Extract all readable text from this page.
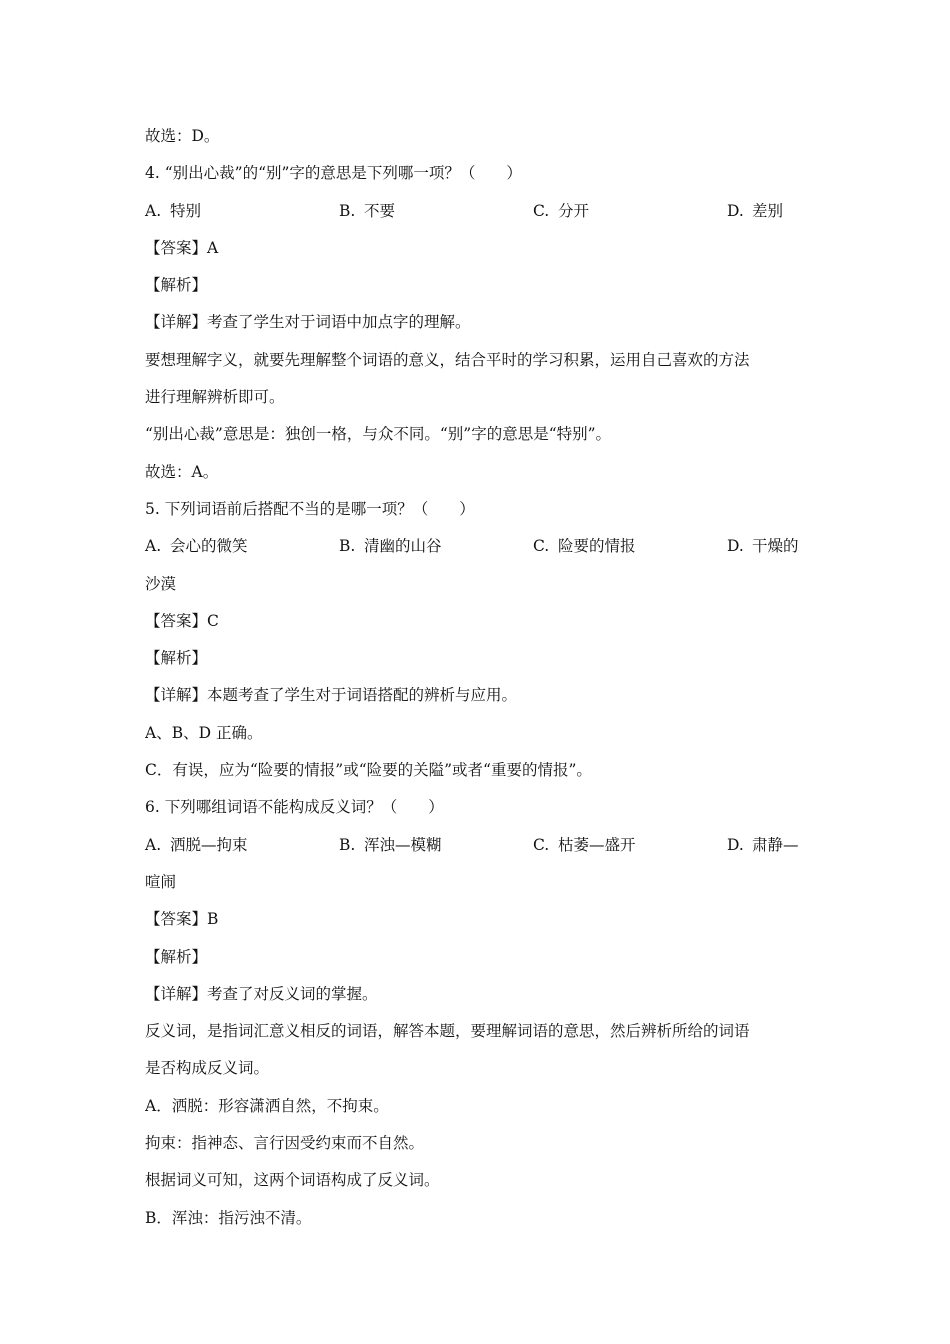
故选：D。
4. “别出心裁”的“别”字的意思是下列哪一项？（　　）
A. 特别	B. 不要	C. 分开	D. 差别
【答案】A
【解析】
【详解】考查了学生对于词语中加点字的理解。
要想理解字义，就要先理解整个词语的意义，结合平时的学习积累，运用自己喜欢的方法
进行理解辨析即可。
“别出心裁”意思是：独创一格，与众不同。“别”字的意思是“特别”。
故选：A。
5. 下列词语前后搭配不当的是哪一项？（　　）
A. 会心的微笑	B. 清幽的山谷	C. 险要的情报	D. 干燥的
沙漠
【答案】C
【解析】
【详解】本题考查了学生对于词语搭配的辨析与应用。
A、B、D 正确。
C．有误，应为“险要的情报”或“险要的关隘”或者“重要的情报”。
6. 下列哪组词语不能构成反义词？（　　）
A. 洒脱—拘束	B. 浑浊—模糊	C. 枯萎—盛开	D. 肃静—
喧闹
【答案】B
【解析】
【详解】考查了对反义词的掌握。
反义词，是指词汇意义相反的词语，解答本题，要理解词语的意思，然后辨析所给的词语
是否构成反义词。
A．洒脱：形容潇洒自然，不拘束。
拘束：指神态、言行因受约束而不自然。
根据词义可知，这两个词语构成了反义词。
B．浑浊：指污浊不清。
